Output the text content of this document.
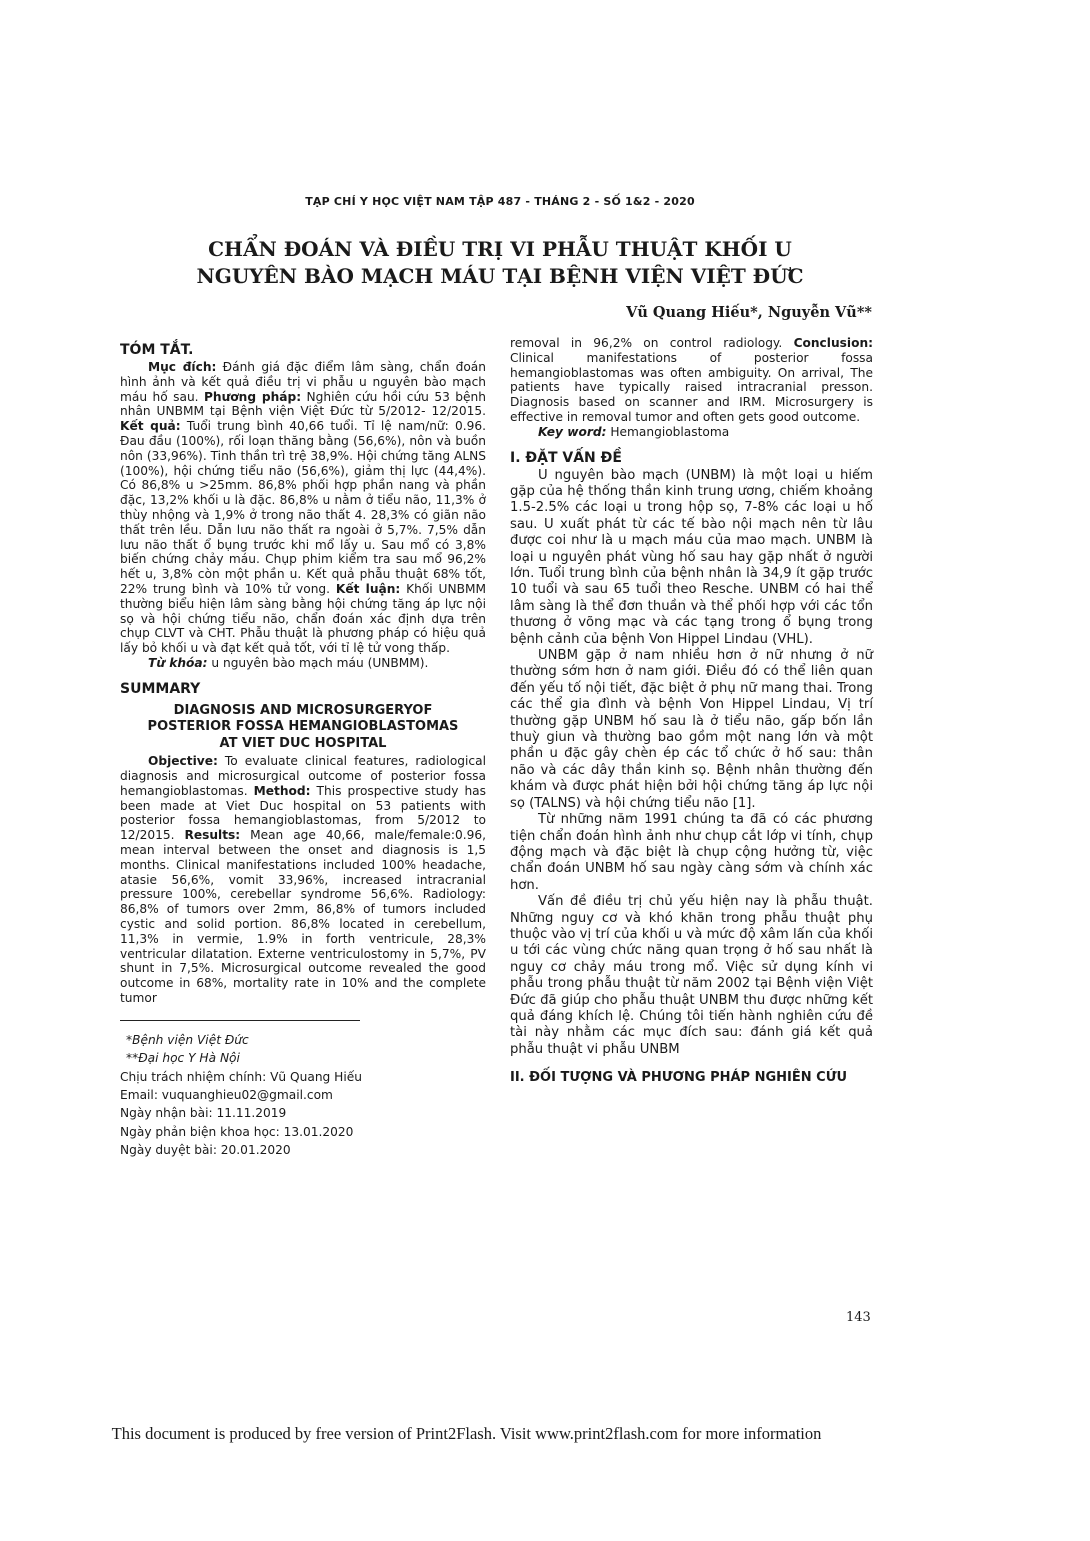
TẠP CHÍ Y HỌC VIỆT NAM TẬP 487 - THÁNG 2 - SỐ 1&2 - 2020
CHẨN ĐOÁN VÀ ĐIỀU TRỊ VI PHẪU THUẬT KHỐI U
NGUYÊN BÀO MẠCH MÁU TẠI BỆNH VIỆN VIỆT ĐỨC
Vũ Quang Hiếu*, Nguyễn Vũ**
TÓM TẮT.

Mục đích: Đánh giá đặc điểm lâm sàng, chẩn đoán hình ảnh và kết quả điều trị vi phẫu u nguyên bào mạch máu hố sau. Phương pháp: Nghiên cứu hồi cứu 53 bệnh nhân UNBMM tại Bệnh viện Việt Đức từ 5/2012- 12/2015. Kết quả: Tuổi trung bình 40,66 tuổi. Tỉ lệ nam/nữ: 0.96. Đau đầu (100%), rối loạn thăng bằng (56,6%), nôn và buồn nôn (33,96%). Tinh thần trì trệ 38,9%. Hội chứng tăng ALNS (100%), hội chứng tiểu não (56,6%), giảm thị lực (44,4%). Có 86,8% u >25mm. 86,8% phối hợp phần nang và phần đặc, 13,2% khối u là đặc. 86,8% u nằm ở tiểu não, 11,3% ở thùy nhộng và 1,9% ở trong não thất 4. 28,3% có giãn não thất trên lều. Dẫn lưu não thất ra ngoài ở 5,7%. 7,5% dẫn lưu não thất ổ bụng trước khi mổ lấy u. Sau mổ có 3,8% biến chứng chảy máu. Chụp phim kiểm tra sau mổ 96,2% hết u, 3,8% còn một phần u. Kết quả phẫu thuật 68% tốt, 22% trung bình và 10% tử vong. Kết luận: Khối UNBMM thường biểu hiện lâm sàng bằng hội chứng tăng áp lực nội sọ và hội chứng tiểu não, chẩn đoán xác định dựa trên chụp CLVT và CHT. Phẫu thuật là phương pháp có hiệu quả lấy bỏ khối u và đạt kết quả tốt, với tỉ lệ tử vong thấp.

Từ khóa: u nguyên bào mạch máu (UNBMM).

SUMMARY
DIAGNOSIS AND MICROSURGERYOF
POSTERIOR FOSSA HEMANGIOBLASTOMAS
AT VIET DUC HOSPITAL

Objective: To evaluate clinical features, radiological diagnosis and microsurgical outcome of posterior fossa hemangioblastomas. Method: This prospective study has been made at Viet Duc hospital on 53 patients with posterior fossa hemangioblastomas, from 5/2012 to 12/2015. Results: Mean age 40,66, male/female:0.96, mean interval between the onset and diagnosis is 1,5 months. Clinical manifestations included 100% headache, atasie 56,6%, vomit 33,96%, increased intracranial pressure 100%, cerebellar syndrome 56,6%. Radiology: 86,8% of tumors over 2mm, 86,8% of tumors included cystic and solid portion. 86,8% located in cerebellum, 11,3% in vermie, 1.9% in forth ventricule, 28,3% ventricular dilatation. Externe ventriculostomy in 5,7%, PV shunt in 7,5%. Microsurgical outcome revealed the good outcome in 68%, mortality rate in 10% and the complete tumor

*Bệnh viện Việt Đức
**Đại học Y Hà Nội
Chịu trách nhiệm chính: Vũ Quang Hiếu
Email: vuquanghieu02@gmail.com
Ngày nhận bài: 11.11.2019
Ngày phản biện khoa học: 13.01.2020
Ngày duyệt bài: 20.01.2020

removal in 96,2% on control radiology. Conclusion: Clinical manifestations of posterior fossa hemangioblastomas was often ambiguity. On arrival, The patients have typically raised intracranial presson. Diagnosis based on scanner and IRM. Microsurgery is effective in removal tumor and often gets good outcome.

Key word: Hemangioblastoma

I. ĐẶT VẤN ĐỀ

U nguyên bào mạch (UNBM) là một loại u hiếm gặp của hệ thống thần kinh trung ương, chiếm khoảng 1.5-2.5% các loại u trong hộp sọ, 7-8% các loại u hố sau. U xuất phát từ các tế bào nội mạch nên từ lâu được coi như là u mạch máu của mao mạch. UNBM là loại u nguyên phát vùng hố sau hay gặp nhất ở người lớn. Tuổi trung bình của bệnh nhân là 34,9 ít gặp trước 10 tuổi và sau 65 tuổi theo Resche. UNBM có hai thể lâm sàng là thể đơn thuần và thể phối hợp với các tổn thương ở võng mạc và các tạng trong ổ bụng trong bệnh cảnh của bệnh Von Hippel Lindau (VHL).

UNBM gặp ở nam nhiều hơn ở nữ nhưng ở nữ thường sớm hơn ở nam giới. Điều đó có thể liên quan đến yếu tố nội tiết, đặc biệt ở phụ nữ mang thai. Trong các thể gia đình và bệnh Von Hippel Lindau, Vị trí thường gặp UNBM hố sau là ở tiểu não, gấp bốn lần thuỳ giun và thường bao gồm một nang lớn và một phần u đặc gây chèn ép các tổ chức ở hố sau: thân não và các dây thần kinh sọ. Bệnh nhân thường đến khám và được phát hiện bởi hội chứng tăng áp lực nội sọ (TALNS) và hội chứng tiểu não [1].

Từ những năm 1991 chúng ta đã có các phương tiện chẩn đoán hình ảnh như chụp cắt lớp vi tính, chụp động mạch và đặc biệt là chụp cộng hưởng từ, việc chẩn đoán UNBM hố sau ngày càng sớm và chính xác hơn.

Vấn đề điều trị chủ yếu hiện nay là phẫu thuật. Những nguy cơ và khó khăn trong phẫu thuật phụ thuộc vào vị trí của khối u và mức độ xâm lấn của khối u tới các vùng chức năng quan trọng ở hố sau nhất là nguy cơ chảy máu trong mổ. Việc sử dụng kính vi phẫu trong phẫu thuật từ năm 2002 tại Bệnh viện Việt Đức đã giúp cho phẫu thuật UNBM thu được những kết quả đáng khích lệ. Chúng tôi tiến hành nghiên cứu đề tài này nhằm các mục đích sau: đánh giá kết quả phẫu thuật vi phẫu UNBM

II. ĐỐI TƯỢNG VÀ PHƯƠNG PHÁP NGHIÊN CỨU
143
This document is produced by free version of Print2Flash. Visit www.print2flash.com for more information
